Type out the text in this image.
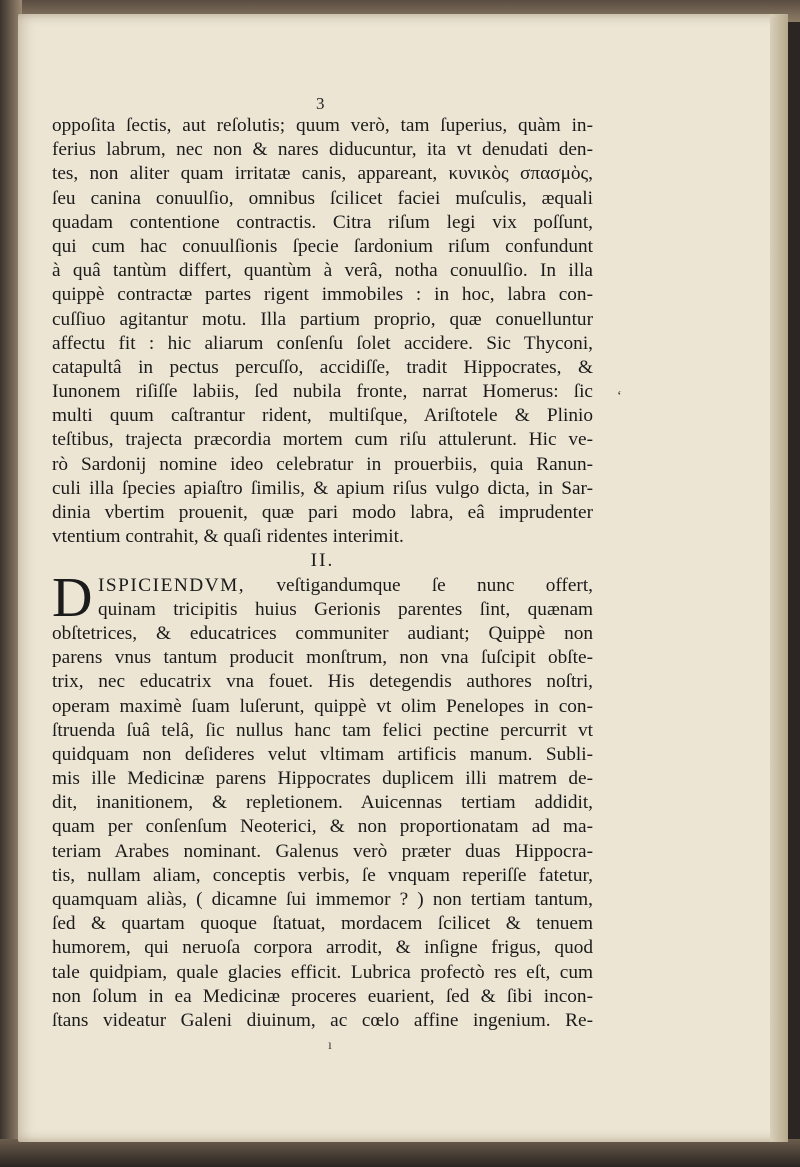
3
oppoſita ſectis, aut reſolutis; quum verò, tam ſuperius, quàm in-
ferius labrum, nec non & nares diducuntur, ita vt denudati den-
tes, non aliter quam irritatæ canis, appareant, κυνικὸς σπασμὸς,
ſeu canina conuulſio, omnibus ſcilicet faciei muſculis, æquali
quadam contentione contractis. Citra riſum legi vix poſſunt,
qui cum hac conuulſionis ſpecie ſardonium riſum confundunt
à quâ tantùm differt, quantùm à verâ, notha conuulſio. In illa
quippè contractæ partes rigent immobiles : in hoc, labra con-
cuſſiuo agitantur motu. Illa partium proprio, quæ conuelluntur
affectu fit : hic aliarum conſenſu ſolet accidere. Sic Thyconi,
catapultâ in pectus percuſſo, accidiſſe, tradit Hippocrates, &
Iunonem riſiſſe labiis, ſed nubila fronte, narrat Homerus: ſic
multi quum caſtrantur rident, multiſque, Ariſtotele & Plinio
teſtibus, trajecta præcordia mortem cum riſu attulerunt. Hic ve-
rò Sardonij nomine ideo celebratur in prouerbiis, quia Ranun-
culi illa ſpecies apiaſtro ſimilis, & apium riſus vulgo dicta, in Sar-
dinia vbertim prouenit, quæ pari modo labra, eâ imprudenter
vtentium contrahit, & quaſi ridentes interimit.
II.
D ISPICIENDVM, veſtigandumque ſe nunc offert,
quinam tricipitis huius Gerionis parentes ſint, quænam
obſtetrices, & educatrices communiter audiant; Quippè non
parens vnus tantum producit monſtrum, non vna ſuſcipit obſte-
trix, nec educatrix vna fouet. His detegendis authores noſtri,
operam maximè ſuam luſerunt, quippè vt olim Penelopes in con-
ſtruenda ſuâ telâ, ſic nullus hanc tam felici pectine percurrit vt
quidquam non deſideres velut vltimam artificis manum. Subli-
mis ille Medicinæ parens Hippocrates duplicem illi matrem de-
dit, inanitionem, & repletionem. Auicennas tertiam addidit,
quam per conſenſum Neoterici, & non proportionatam ad ma-
teriam Arabes nominant. Galenus verò præter duas Hippocra-
tis, nullam aliam, conceptis verbis, ſe vnquam reperiſſe fatetur,
quamquam aliàs, ( dicamne ſui immemor ? ) non tertiam tantum,
ſed & quartam quoque ſtatuat, mordacem ſcilicet & tenuem
humorem, qui neruoſa corpora arrodit, & inſigne frigus, quod
tale quidpiam, quale glacies efficit. Lubrica profectò res eſt, cum
non ſolum in ea Medicinæ proceres euarient, ſed & ſibi incon-
ſtans videatur Galeni diuinum, ac cœlo affine ingenium. Re-
ʻ
ı
